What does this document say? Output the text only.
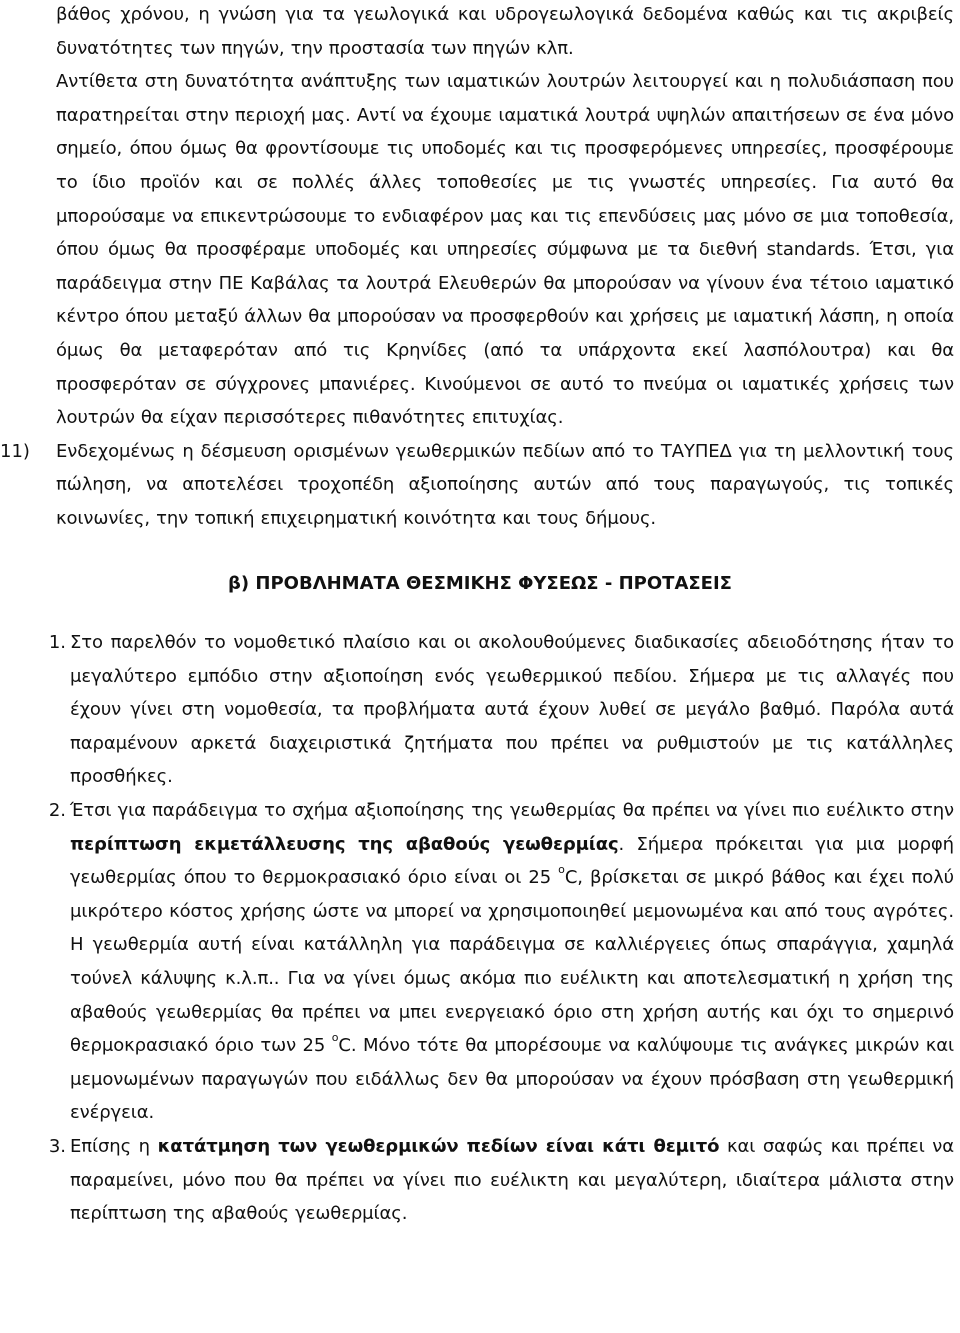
βάθος χρόνου, η γνώση για τα γεωλογικά και υδρογεωλογικά δεδομένα καθώς και τις ακριβείς δυνατότητες των πηγών, την προστασία των πηγών κλπ.

Αντίθετα στη δυνατότητα ανάπτυξης των ιαματικών λουτρών λειτουργεί και η πολυδιάσπαση που παρατηρείται στην περιοχή μας. Αντί να έχουμε ιαματικά λουτρά υψηλών απαιτήσεων σε ένα μόνο σημείο, όπου όμως θα φροντίσουμε τις υποδομές και τις προσφερόμενες υπηρεσίες, προσφέρουμε το ίδιο προϊόν και σε πολλές άλλες τοποθεσίες με τις γνωστές υπηρεσίες. Για αυτό θα μπορούσαμε να επικεντρώσουμε το ενδιαφέρον μας και τις επενδύσεις μας μόνο σε μια τοποθεσία, όπου όμως θα προσφέραμε υποδομές και υπηρεσίες σύμφωνα με τα διεθνή standards. Έτσι, για παράδειγμα στην ΠΕ Καβάλας τα λουτρά Ελευθερών θα μπορούσαν να γίνουν ένα τέτοιο ιαματικό κέντρο όπου μεταξύ άλλων θα μπορούσαν να προσφερθούν και χρήσεις με ιαματική λάσπη, η οποία όμως θα μεταφερόταν από τις Κρηνίδες (από τα υπάρχοντα εκεί λασπόλουτρα) και θα προσφερόταν σε σύγχρονες μπανιέρες. Κινούμενοι σε αυτό το πνεύμα οι ιαματικές χρήσεις των λουτρών θα είχαν περισσότερες πιθανότητες επιτυχίας.

11)	Ενδεχομένως η δέσμευση ορισμένων γεωθερμικών πεδίων από το ΤΑΥΠΕΔ για τη μελλοντική τους πώληση, να αποτελέσει τροχοπέδη αξιοποίησης αυτών από τους παραγωγούς, τις τοπικές κοινωνίες, την τοπική επιχειρηματική κοινότητα και τους δήμους.

β) ΠΡΟΒΛΗΜΑΤΑ ΘΕΣΜΙΚΗΣ ΦΥΣΕΩΣ - ΠΡΟΤΑΣΕΙΣ
1. Στο παρελθόν το νομοθετικό πλαίσιο και οι ακολουθούμενες διαδικασίες αδειοδότησης ήταν το μεγαλύτερο εμπόδιο στην αξιοποίηση ενός γεωθερμικού πεδίου. Σήμερα με τις αλλαγές που έχουν γίνει στη νομοθεσία, τα προβλήματα αυτά έχουν λυθεί σε μεγάλο βαθμό. Παρόλα αυτά παραμένουν αρκετά διαχειριστικά ζητήματα που πρέπει να ρυθμιστούν με τις κατάλληλες προσθήκες.

2. Έτσι για παράδειγμα το σχήμα αξιοποίησης της γεωθερμίας θα πρέπει να γίνει πιο ευέλικτο στην περίπτωση εκμετάλλευσης της αβαθούς γεωθερμίας. Σήμερα πρόκειται για μια μορφή γεωθερμίας όπου το θερμοκρασιακό όριο είναι οι 25 $^o$C, βρίσκεται σε μικρό βάθος και έχει πολύ μικρότερο κόστος χρήσης ώστε να μπορεί να χρησιμοποιηθεί μεμονωμένα και από τους αγρότες. Η γεωθερμία αυτή είναι κατάλληλη για παράδειγμα σε καλλιέργειες όπως σπαράγγια, χαμηλά τούνελ κάλυψης κ.λ.π.. Για να γίνει όμως ακόμα πιο ευέλικτη και αποτελεσματική η χρήση της αβαθούς γεωθερμίας θα πρέπει να μπει ενεργειακό όριο στη χρήση αυτής και όχι το σημερινό θερμοκρασιακό όριο των 25 $^o$C. Μόνο τότε θα μπορέσουμε να καλύψουμε τις ανάγκες μικρών και μεμονωμένων παραγωγών που ειδάλλως δεν θα μπορούσαν να έχουν πρόσβαση στη γεωθερμική ενέργεια.

3. Επίσης η κατάτμηση των γεωθερμικών πεδίων είναι κάτι θεμιτό και σαφώς και πρέπει να παραμείνει, μόνο που θα πρέπει να γίνει πιο ευέλικτη και μεγαλύτερη, ιδιαίτερα μάλιστα στην περίπτωση της αβαθούς γεωθερμίας.
